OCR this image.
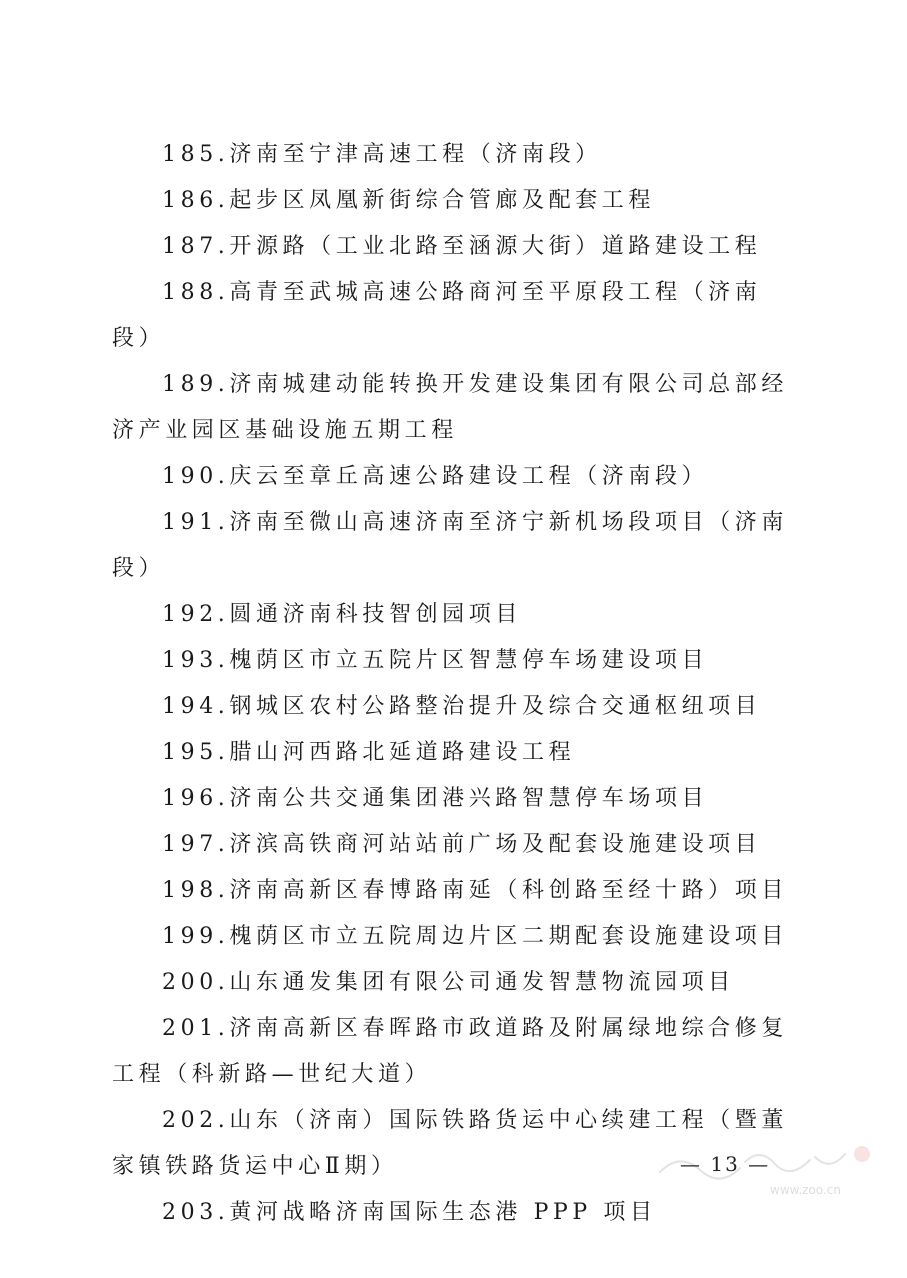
185.济南至宁津高速工程（济南段）

186.起步区凤凰新街综合管廊及配套工程

187.开源路（工业北路至涵源大街）道路建设工程

188.高青至武城高速公路商河至平原段工程（济南段）

189.济南城建动能转换开发建设集团有限公司总部经济产业园区基础设施五期工程

190.庆云至章丘高速公路建设工程（济南段）

191.济南至微山高速济南至济宁新机场段项目（济南段）

192.圆通济南科技智创园项目

193.槐荫区市立五院片区智慧停车场建设项目

194.钢城区农村公路整治提升及综合交通枢纽项目

195.腊山河西路北延道路建设工程

196.济南公共交通集团港兴路智慧停车场项目

197.济滨高铁商河站站前广场及配套设施建设项目

198.济南高新区春博路南延（科创路至经十路）项目

199.槐荫区市立五院周边片区二期配套设施建设项目

200.山东通发集团有限公司通发智慧物流园项目

201.济南高新区春晖路市政道路及附属绿地综合修复工程（科新路—世纪大道）

202.山东（济南）国际铁路货运中心续建工程（暨董家镇铁路货运中心Ⅱ期）

203.黄河战略济南国际生态港 PPP 项目

www.zoo.cn
— 13 —
